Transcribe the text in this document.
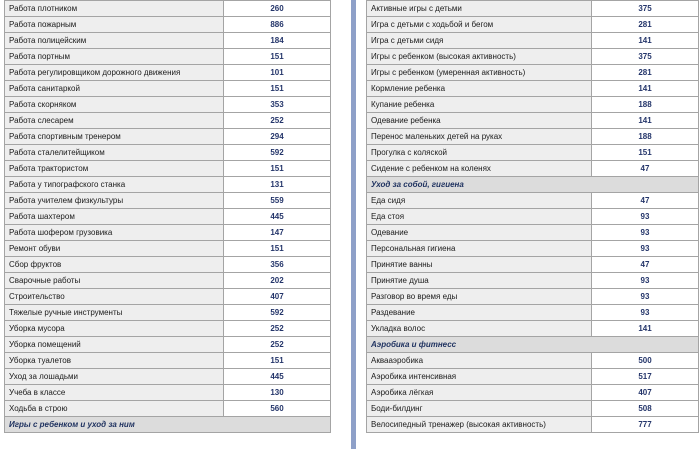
Работа плотником	260
Работа пожарным	886
Работа полицейским	184
Работа портным	151
Работа регулировщиком дорожного движения	101
Работа санитаркой	151
Работа скорняком	353
Работа слесарем	252
Работа спортивным тренером	294
Работа сталелитейщиком	592
Работа трактористом	151
Работа у типографского станка	131
Работа учителем физкультуры	559
Работа шахтером	445
Работа шофером грузовика	147
Ремонт обуви	151
Сбор фруктов	356
Сварочные работы	202
Строительство	407
Тяжелые ручные инструменты	592
Уборка мусора	252
Уборка помещений	252
Уборка туалетов	151
Уход за лошадьми	445
Учеба в классе	130
Ходьба в строю	560
Игры с ребенком и уход за ним	
Активные игры с детьми	375
Игра с детьми с ходьбой и бегом	281
Игра с детьми сидя	141
Игры с ребенком (высокая активность)	375
Игры с ребенком (умеренная активность)	281
Кормление ребенка	141
Купание ребенка	188
Одевание ребенка	141
Перенос маленьких детей на руках	188
Прогулка с коляской	151
Сидение с ребенком на коленях	47
Уход за собой, гигиена	
Еда сидя	47
Еда стоя	93
Одевание	93
Персональная гигиена	93
Принятие ванны	47
Принятие душа	93
Разговор во время еды	93
Раздевание	93
Укладка волос	141
Аэробика и фитнесс	
Аквааэробика	500
Аэробика интенсивная	517
Аэробика лёгкая	407
Боди-билдинг	508
Велосипедный тренажер (высокая активность)	777
